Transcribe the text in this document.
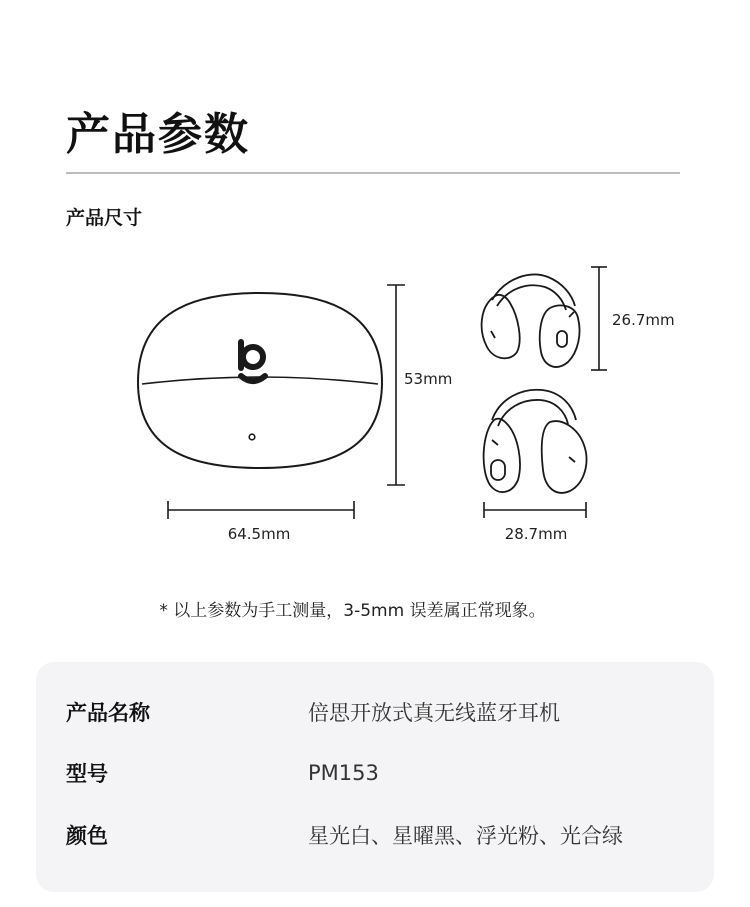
产品参数
产品尺寸
64.5mm
53mm
26.7mm
28.7mm
* 以上参数为手工测量，3-5mm 误差属正常现象。
产品名称	倍思开放式真无线蓝牙耳机
型号	PM153
颜色	星光白、星曜黑、浮光粉、光合绿
